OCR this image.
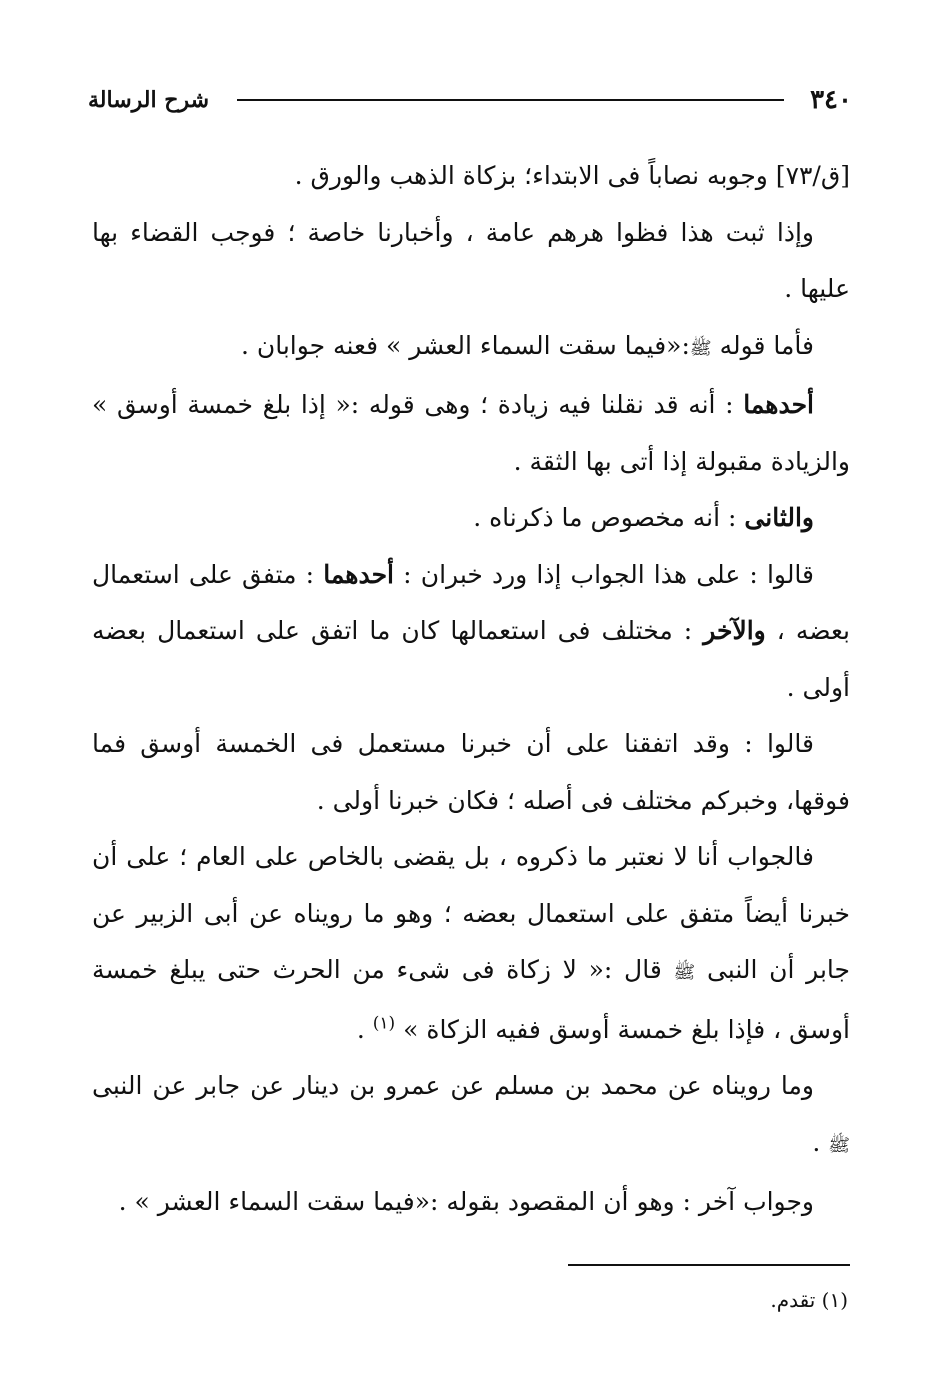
٣٤٠
شرح الرسالة

[ق/٧٣] وجوبه نصاباً فى الابتداء؛ بزكاة الذهب والورق .

وإذا ثبت هذا فظوا هرهم عامة ، وأخبارنا خاصة ؛ فوجب القضاء بها عليها .

فأما قوله ﷺ:«فيما سقت السماء العشر » فعنه جوابان .

أحدهما : أنه قد نقلنا فيه زيادة ؛ وهى قوله :« إذا بلغ خمسة أوسق » والزيادة مقبولة إذا أتى بها الثقة .

والثانى : أنه مخصوص ما ذكرناه .

قالوا : على هذا الجواب إذا ورد خبران : أحدهما : متفق على استعمال بعضه ، والآخر : مختلف فى استعمالها كان ما اتفق على استعمال بعضه أولى .

قالوا : وقد اتفقنا على أن خبرنا مستعمل فى الخمسة أوسق فما فوقها، وخبركم مختلف فى أصله ؛ فكان خبرنا أولى .

فالجواب أنا لا نعتبر ما ذكروه ، بل يقضى بالخاص على العام ؛ على أن خبرنا أيضاً متفق على استعمال بعضه ؛ وهو ما رويناه عن أبى الزبير عن جابر أن النبى ﷺ قال :« لا زكاة فى شىء من الحرث حتى يبلغ خمسة أوسق ، فإذا بلغ خمسة أوسق ففيه الزكاة » $^{(١)}$ .

وما رويناه عن محمد بن مسلم عن عمرو بن دينار عن جابر عن النبى ﷺ .

وجواب آخر : وهو أن المقصود بقوله :«فيما سقت السماء العشر » .

(١) تقدم.
